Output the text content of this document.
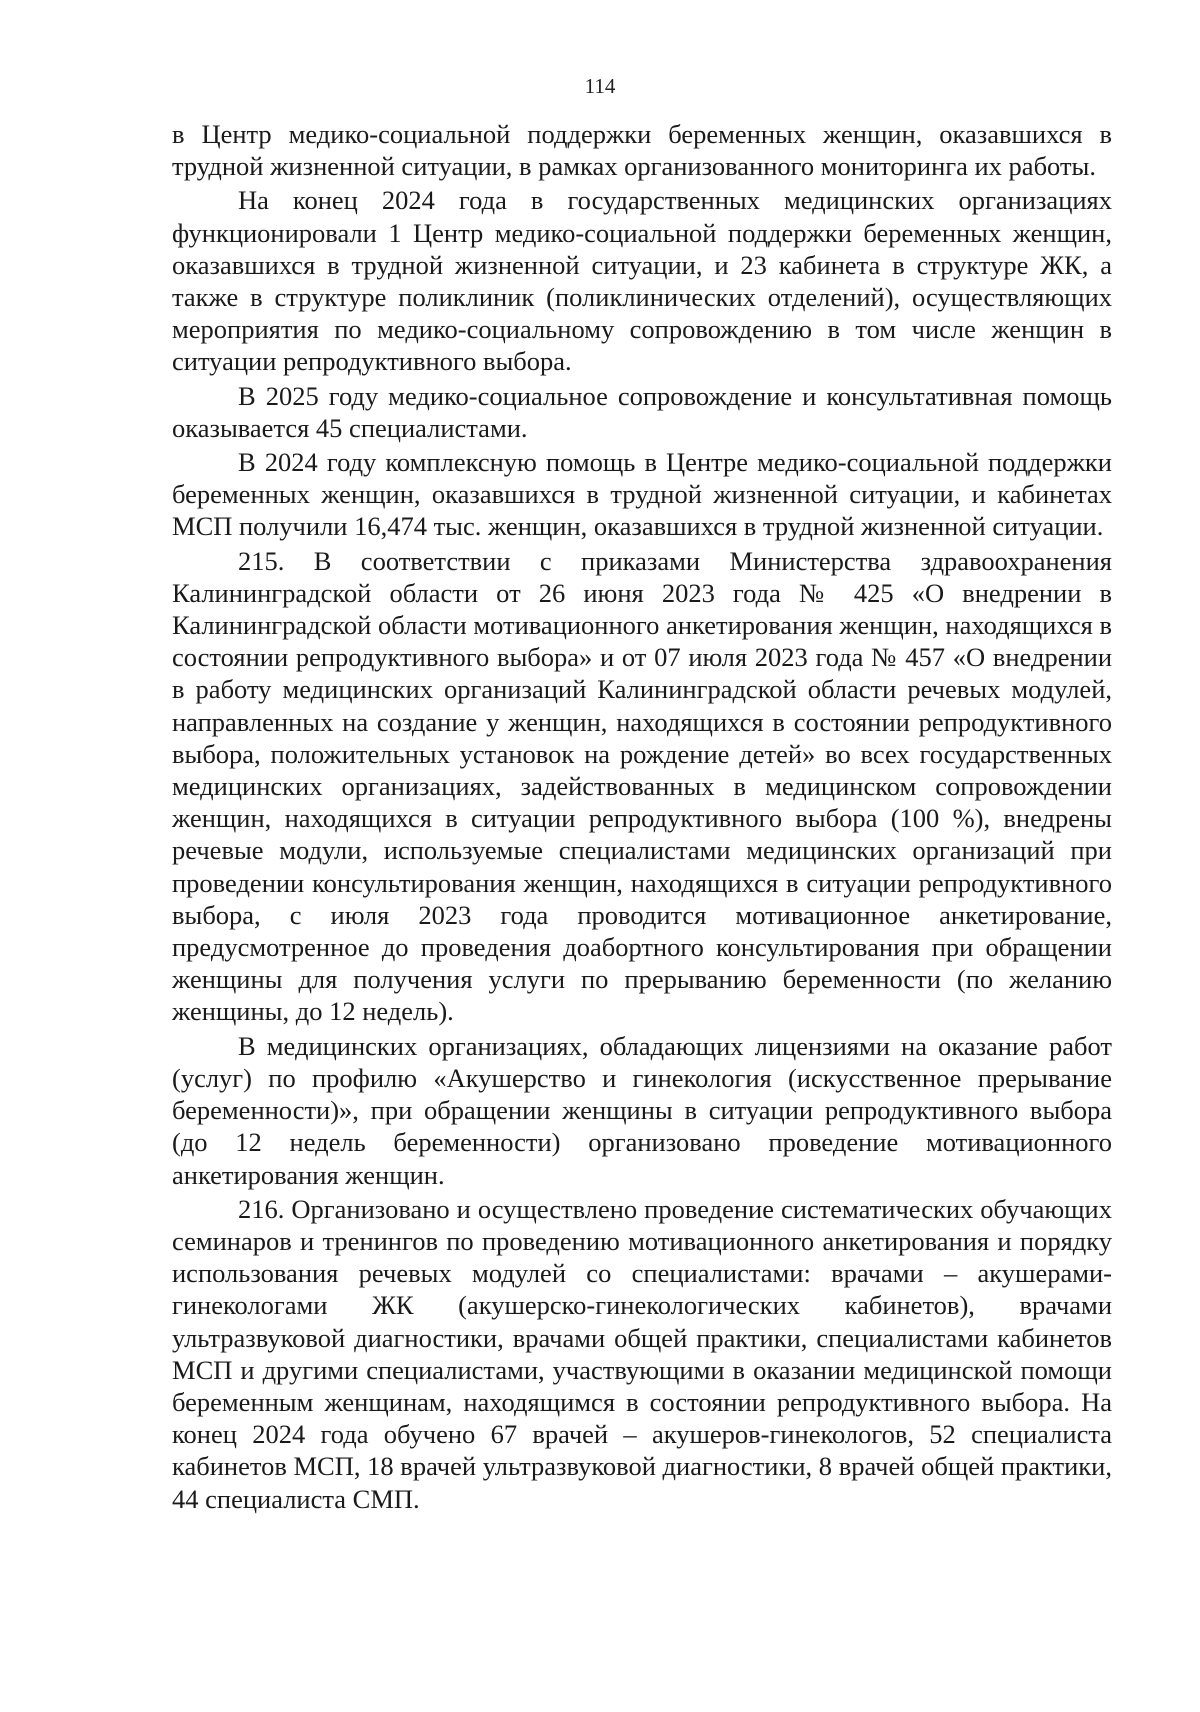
114

в Центр медико-социальной поддержки беременных женщин, оказавшихся в трудной жизненной ситуации, в рамках организованного мониторинга их работы.

На конец 2024 года в государственных медицинских организациях функционировали 1 Центр медико-социальной поддержки беременных женщин, оказавшихся в трудной жизненной ситуации, и 23 кабинета в структуре ЖК, а также в структуре поликлиник (поликлинических отделений), осуществляющих мероприятия по медико-социальному сопровождению в том числе женщин в ситуации репродуктивного выбора.

В 2025 году медико-социальное сопровождение и консультативная помощь оказывается 45 специалистами.

В 2024 году комплексную помощь в Центре медико-социальной поддержки беременных женщин, оказавшихся в трудной жизненной ситуации, и кабинетах МСП получили 16,474 тыс. женщин, оказавшихся в трудной жизненной ситуации.

215. В соответствии с приказами Министерства здравоохранения Калининградской области от 26 июня 2023 года № 425 «О внедрении в Калининградской области мотивационного анкетирования женщин, находящихся в состоянии репродуктивного выбора» и от 07 июля 2023 года № 457 «О внедрении в работу медицинских организаций Калининградской области речевых модулей, направленных на создание у женщин, находящихся в состоянии репродуктивного выбора, положительных установок на рождение детей» во всех государственных медицинских организациях, задействованных в медицинском сопровождении женщин, находящихся в ситуации репродуктивного выбора (100 %), внедрены речевые модули, используемые специалистами медицинских организаций при проведении консультирования женщин, находящихся в ситуации репродуктивного выбора, с июля 2023 года проводится мотивационное анкетирование, предусмотренное до проведения доабортного консультирования при обращении женщины для получения услуги по прерыванию беременности (по желанию женщины, до 12 недель).

В медицинских организациях, обладающих лицензиями на оказание работ (услуг) по профилю «Акушерство и гинекология (искусственное прерывание беременности)», при обращении женщины в ситуации репродуктивного выбора (до 12 недель беременности) организовано проведение мотивационного анкетирования женщин.

216. Организовано и осуществлено проведение систематических обучающих семинаров и тренингов по проведению мотивационного анкетирования и порядку использования речевых модулей со специалистами: врачами – акушерами-гинекологами ЖК (акушерско-гинекологических кабинетов), врачами ультразвуковой диагностики, врачами общей практики, специалистами кабинетов МСП и другими специалистами, участвующими в оказании медицинской помощи беременным женщинам, находящимся в состоянии репродуктивного выбора. На конец 2024 года обучено 67 врачей – акушеров-гинекологов, 52 специалиста кабинетов МСП, 18 врачей ультразвуковой диагностики, 8 врачей общей практики, 44 специалиста СМП.
